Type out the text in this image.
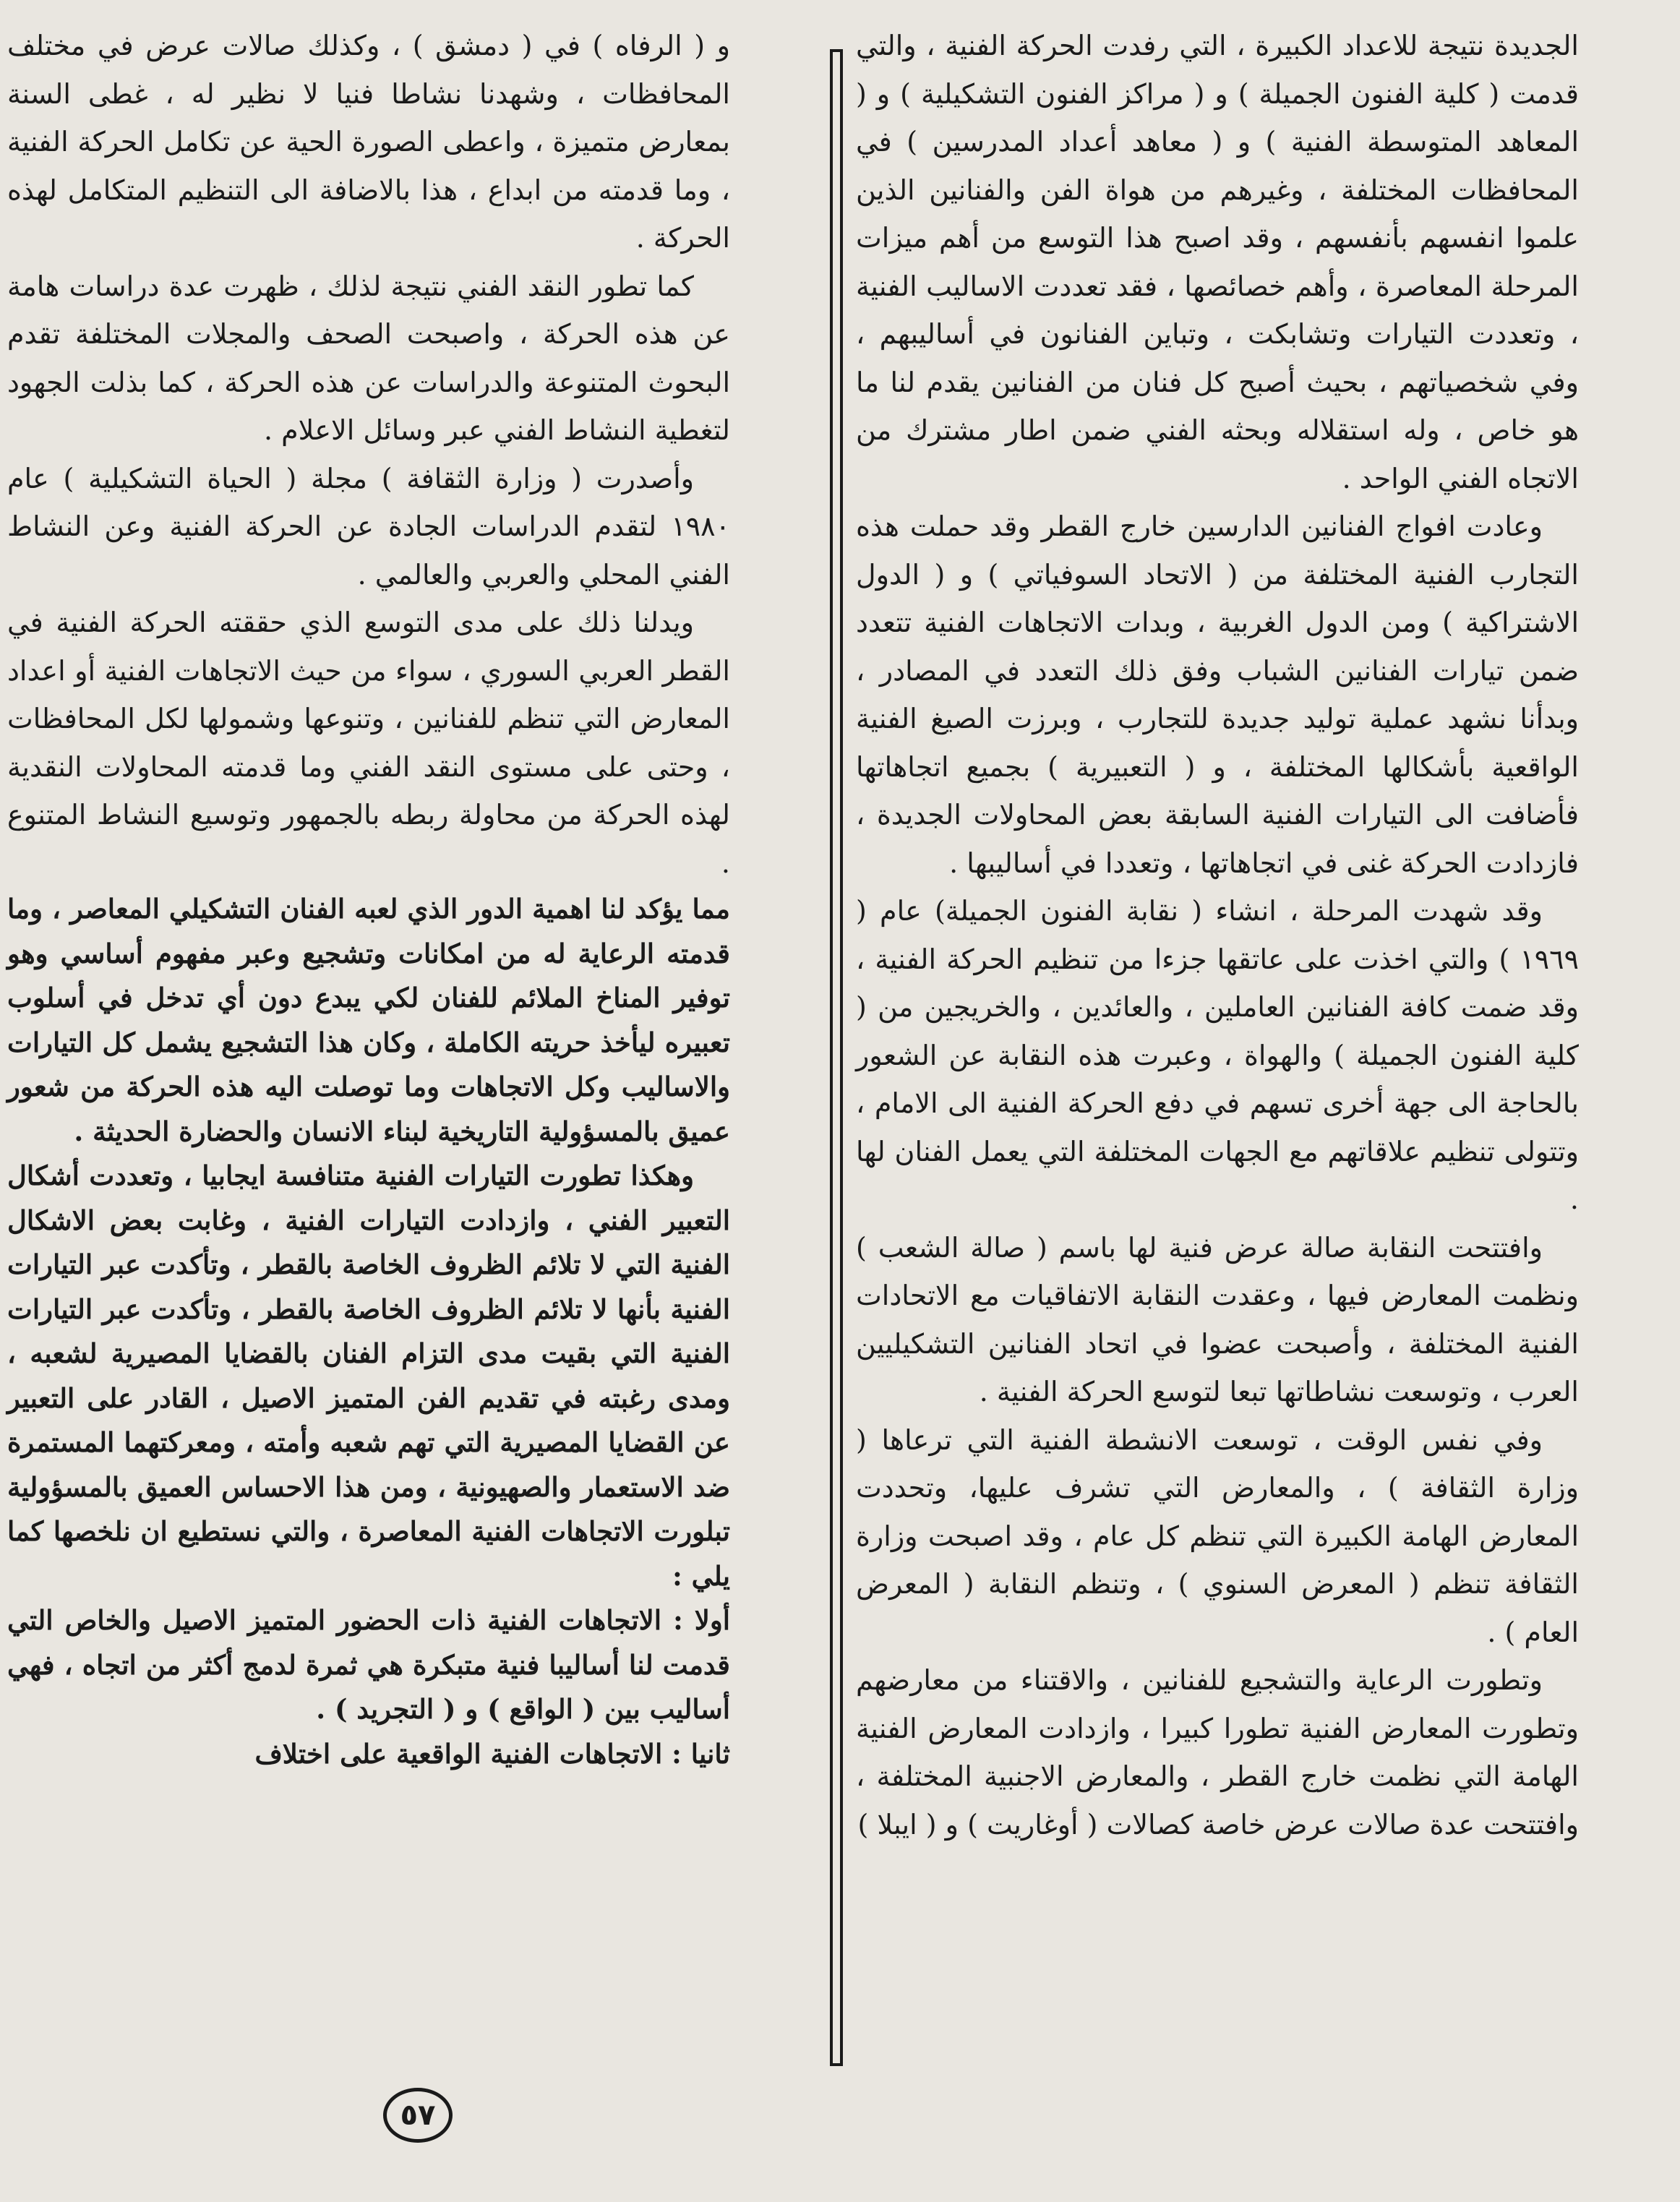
الجديدة نتيجة للاعداد الكبيرة ، التي رفدت الحركة الفنية ، والتي قدمت ( كلية الفنون الجميلة ) و ( مراكز الفنون التشكيلية ) و ( المعاهد المتوسطة الفنية ) و ( معاهد أعداد المدرسين ) في المحافظات المختلفة ، وغيرهم من هواة الفن والفنانين الذين علموا انفسهم بأنفسهم ، وقد اصبح هذا التوسع من أهم ميزات المرحلة المعاصرة ، وأهم خصائصها ، فقد تعددت الاساليب الفنية ، وتعددت التيارات وتشابكت ، وتباين الفنانون في أساليبهم ، وفي شخصياتهم ، بحيث أصبح كل فنان من الفنانين يقدم لنا ما هو خاص ، وله استقلاله وبحثه الفني ضمن اطار مشترك من الاتجاه الفني الواحد .

وعادت افواج الفنانين الدارسين خارج القطر وقد حملت هذه التجارب الفنية المختلفة من ( الاتحاد السوفياتي ) و ( الدول الاشتراكية ) ومن الدول الغربية ، وبدات الاتجاهات الفنية تتعدد ضمن تيارات الفنانين الشباب وفق ذلك التعدد في المصادر ، وبدأنا نشهد عملية توليد جديدة للتجارب ، وبرزت الصيغ الفنية الواقعية بأشكالها المختلفة ، و ( التعبيرية ) بجميع اتجاهاتها فأضافت الى التيارات الفنية السابقة بعض المحاولات الجديدة ، فازدادت الحركة غنى في اتجاهاتها ، وتعددا في أساليبها .

وقد شهدت المرحلة ، انشاء ( نقابة الفنون الجميلة) عام ( ١٩٦٩ ) والتي اخذت على عاتقها جزءا من تنظيم الحركة الفنية ، وقد ضمت كافة الفنانين العاملين ، والعائدين ، والخريجين من ( كلية الفنون الجميلة ) والهواة ، وعبرت هذه النقابة عن الشعور بالحاجة الى جهة أخرى تسهم في دفع الحركة الفنية الى الامام ، وتتولى تنظيم علاقاتهم مع الجهات المختلفة التي يعمل الفنان لها .

وافتتحت النقابة صالة عرض فنية لها باسم ( صالة الشعب ) ونظمت المعارض فيها ، وعقدت النقابة الاتفاقيات مع الاتحادات الفنية المختلفة ، وأصبحت عضوا في اتحاد الفنانين التشكيليين العرب ، وتوسعت نشاطاتها تبعا لتوسع الحركة الفنية .

وفي نفس الوقت ، توسعت الانشطة الفنية التي ترعاها ( وزارة الثقافة ) ، والمعارض التي تشرف عليها، وتحددت المعارض الهامة الكبيرة التي تنظم كل عام ، وقد اصبحت وزارة الثقافة تنظم ( المعرض السنوي ) ، وتنظم النقابة ( المعرض العام ) .

وتطورت الرعاية والتشجيع للفنانين ، والاقتناء من معارضهم وتطورت المعارض الفنية تطورا كبيرا ، وازدادت المعارض الفنية الهامة التي نظمت خارج القطر ، والمعارض الاجنبية المختلفة ، وافتتحت عدة صالات عرض خاصة كصالات ( أوغاريت ) و ( ايبلا )

و ( الرفاه ) في ( دمشق ) ، وكذلك صالات عرض في مختلف المحافظات ، وشهدنا نشاطا فنيا لا نظير له ، غطى السنة بمعارض متميزة ، واعطى الصورة الحية عن تكامل الحركة الفنية ، وما قدمته من ابداع ، هذا بالاضافة الى التنظيم المتكامل لهذه الحركة .

كما تطور النقد الفني نتيجة لذلك ، ظهرت عدة دراسات هامة عن هذه الحركة ، واصبحت الصحف والمجلات المختلفة تقدم البحوث المتنوعة والدراسات عن هذه الحركة ، كما بذلت الجهود لتغطية النشاط الفني عبر وسائل الاعلام .

وأصدرت ( وزارة الثقافة ) مجلة ( الحياة التشكيلية ) عام ١٩٨٠ لتقدم الدراسات الجادة عن الحركة الفنية وعن النشاط الفني المحلي والعربي والعالمي .

ويدلنا ذلك على مدى التوسع الذي حققته الحركة الفنية في القطر العربي السوري ، سواء من حيث الاتجاهات الفنية أو اعداد المعارض التي تنظم للفنانين ، وتنوعها وشمولها لكل المحافظات ، وحتى على مستوى النقد الفني وما قدمته المحاولات النقدية لهذه الحركة من محاولة ربطه بالجمهور وتوسيع النشاط المتنوع .

مما يؤكد لنا اهمية الدور الذي لعبه الفنان التشكيلي المعاصر ، وما قدمته الرعاية له من امكانات وتشجيع وعبر مفهوم أساسي وهو توفير المناخ الملائم للفنان لكي يبدع دون أي تدخل في أسلوب تعبيره ليأخذ حريته الكاملة ، وكان هذا التشجيع يشمل كل التيارات والاساليب وكل الاتجاهات وما توصلت اليه هذه الحركة من شعور عميق بالمسؤولية التاريخية لبناء الانسان والحضارة الحديثة .

وهكذا تطورت التيارات الفنية متنافسة ايجابيا ، وتعددت أشكال التعبير الفني ، وازدادت التيارات الفنية ، وغابت بعض الاشكال الفنية التي لا تلائم الظروف الخاصة بالقطر ، وتأكدت عبر التيارات الفنية بأنها لا تلائم الظروف الخاصة بالقطر ، وتأكدت عبر التيارات الفنية التي بقيت مدى التزام الفنان بالقضايا المصيرية لشعبه ، ومدى رغبته في تقديم الفن المتميز الاصيل ، القادر على التعبير عن القضايا المصيرية التي تهم شعبه وأمته ، ومعركتهما المستمرة ضد الاستعمار والصهيونية ، ومن هذا الاحساس العميق بالمسؤولية تبلورت الاتجاهات الفنية المعاصرة ، والتي نستطيع ان نلخصها كما يلي :

أولا : الاتجاهات الفنية ذات الحضور المتميز الاصيل والخاص التي قدمت لنا أساليبا فنية متبكرة هي ثمرة لدمج أكثر من اتجاه ، فهي أساليب بين ( الواقع ) و ( التجريد ) .

ثانيا : الاتجاهات الفنية الواقعية على اختلاف

٥٧
